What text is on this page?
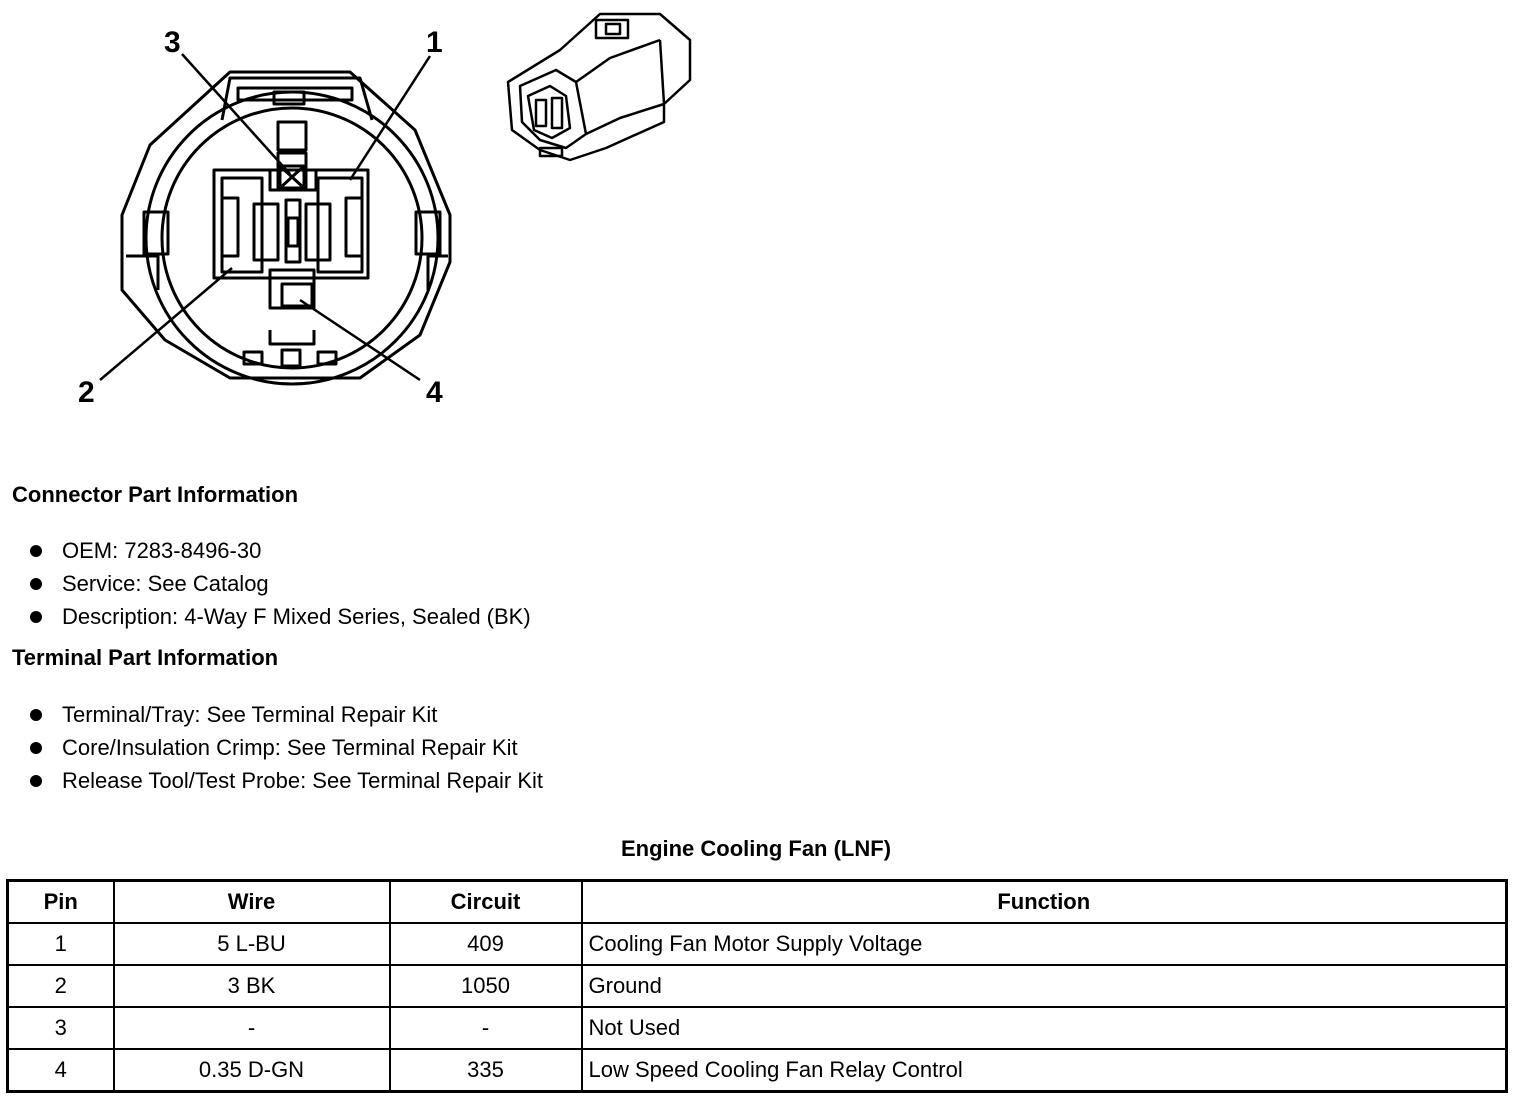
3	1
2	4
Connector Part Information
OEM: 7283-8496-30
Service: See Catalog
Description: 4-Way F Mixed Series, Sealed (BK)
Terminal Part Information
Terminal/Tray: See Terminal Repair Kit
Core/Insulation Crimp: See Terminal Repair Kit
Release Tool/Test Probe: See Terminal Repair Kit
Engine Cooling Fan (LNF)
Pin	Wire	Circuit	Function
1	5 L-BU	409	Cooling Fan Motor Supply Voltage
2	3 BK	1050	Ground
3	-	-	Not Used
4	0.35 D-GN	335	Low Speed Cooling Fan Relay Control
